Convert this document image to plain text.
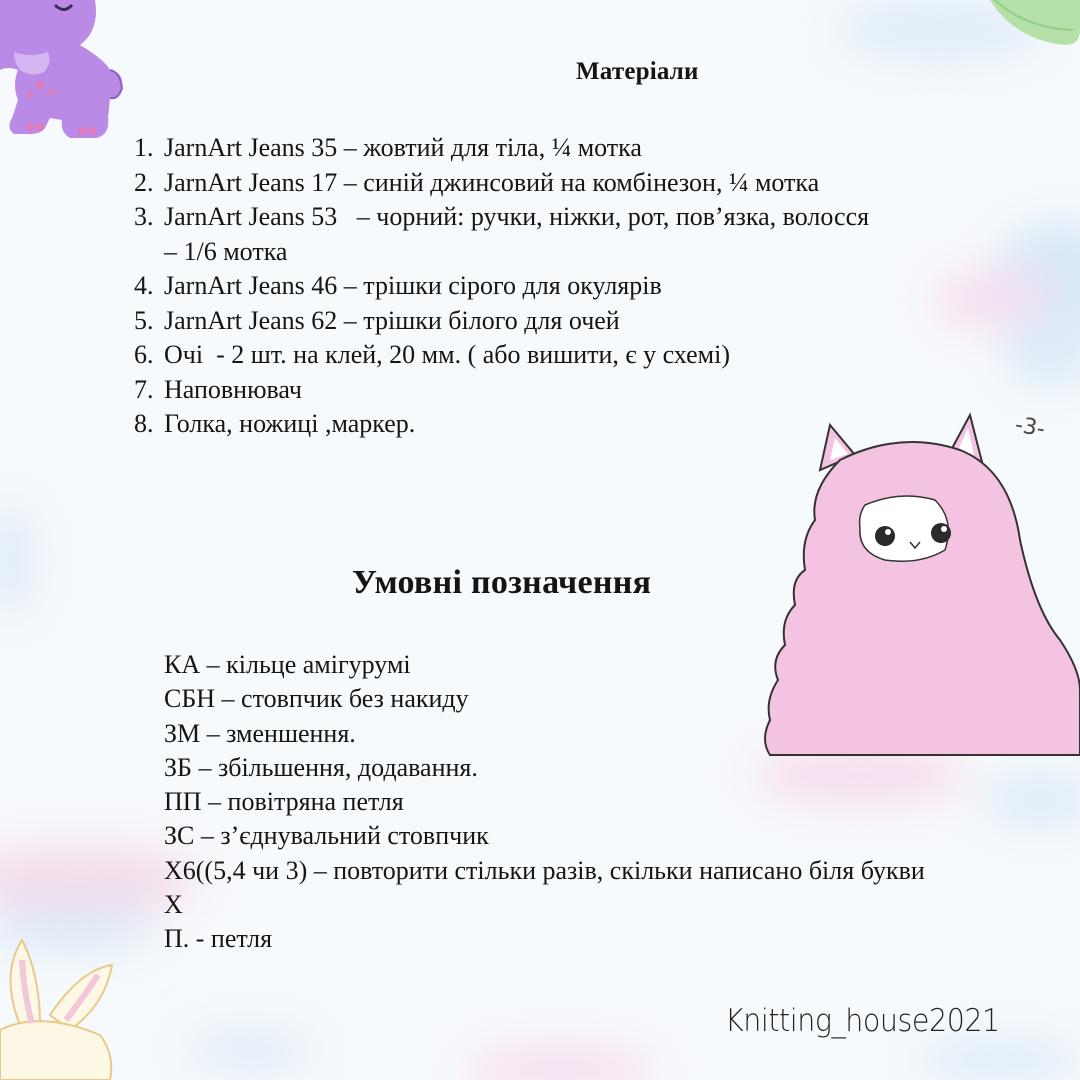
-3-
Матеріали
1. JarnArt Jeans 35 – жовтий для тіла, ¼ мотка
2. JarnArt Jeans 17 – синій джинсовий на комбінезон, ¼ мотка
3. JarnArt Jeans 53   – чорний: ручки, ніжки, рот, пов’язка, волосся – 1/6 мотка
4. JarnArt Jeans 46 – трішки сірого для окулярів
5. JarnArt Jeans 62 – трішки білого для очей
6. Очі  - 2 шт. на клей, 20 мм. ( або вишити, є у схемі)
7. Наповнювач
8. Голка, ножиці ,маркер.
Умовні позначення
КА – кільце амігурумі
СБН – стовпчик без накиду
ЗМ – зменшення.
ЗБ – збільшення, додавання.
ПП – повітряна петля
ЗС – з’єднувальний стовпчик
Х6((5,4 чи 3) – повторити стільки разів, скільки написано біля букви Х
П. - петля
Knitting_house2021
